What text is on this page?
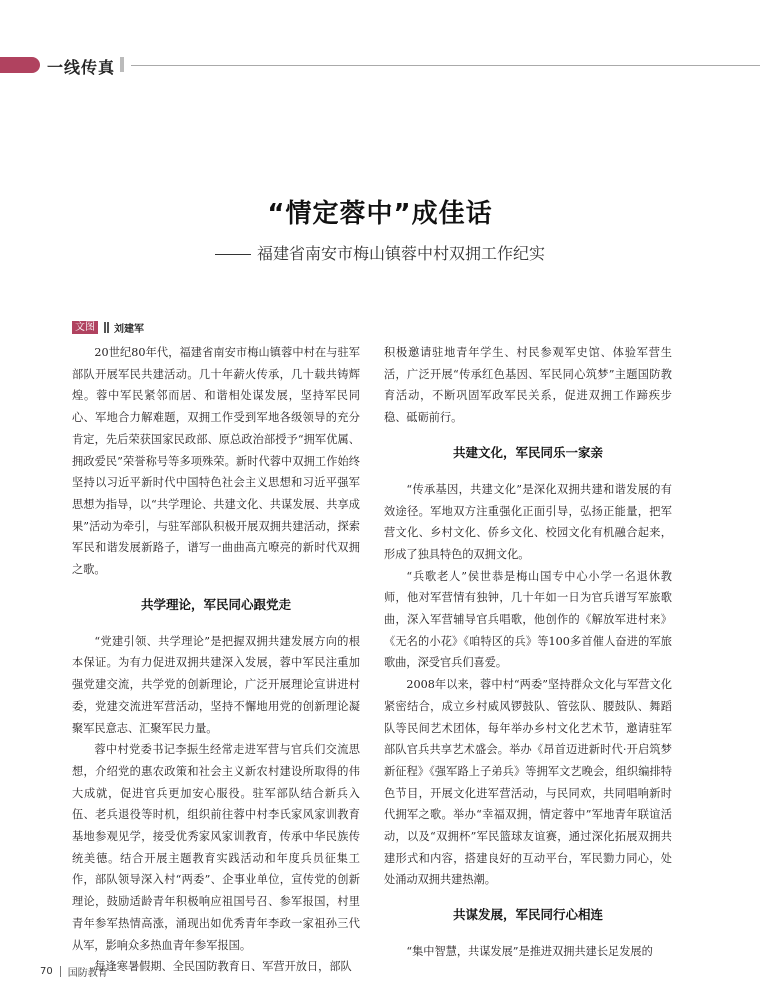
一线传真
“情定蓉中”成佳话
福建省南安市梅山镇蓉中村双拥工作纪实
文图	刘建军

20世纪80年代，福建省南安市梅山镇蓉中村在与驻军部队开展军民共建活动。几十年薪火传承，几十载共铸辉煌。蓉中军民紧邻而居、和谐相处谋发展，坚持军民同心、军地合力解难题，双拥工作受到军地各级领导的充分肯定，先后荣获国家民政部、原总政治部授予“拥军优属、拥政爱民”荣誉称号等多项殊荣。新时代蓉中双拥工作始终坚持以习近平新时代中国特色社会主义思想和习近平强军思想为指导，以“共学理论、共建文化、共谋发展、共享成果”活动为牵引，与驻军部队积极开展双拥共建活动，探索军民和谐发展新路子，谱写一曲曲高亢嘹亮的新时代双拥之歌。

共学理论，军民同心跟党走

“党建引领、共学理论”是把握双拥共建发展方向的根本保证。为有力促进双拥共建深入发展，蓉中军民注重加强党建交流，共学党的创新理论，广泛开展理论宣讲进村委，党建交流进军营活动，坚持不懈地用党的创新理论凝聚军民意志、汇聚军民力量。

蓉中村党委书记李振生经常走进军营与官兵们交流思想，介绍党的惠农政策和社会主义新农村建设所取得的伟大成就，促进官兵更加安心服役。驻军部队结合新兵入伍、老兵退役等时机，组织前往蓉中村李氏家风家训教育基地参观见学，接受优秀家风家训教育，传承中华民族传统美德。结合开展主题教育实践活动和年度兵员征集工作，部队领导深入村“两委”、企事业单位，宣传党的创新理论，鼓励适龄青年积极响应祖国号召、参军报国，村里青年参军热情高涨，涌现出如优秀青年李政一家祖孙三代从军，影响众多热血青年参军报国。

每逢寒暑假期、全民国防教育日、军营开放日，部队

积极邀请驻地青年学生、村民参观军史馆、体验军营生活，广泛开展“传承红色基因、军民同心筑梦”主题国防教育活动，不断巩固军政军民关系，促进双拥工作蹄疾步稳、砥砺前行。

共建文化，军民同乐一家亲

“传承基因，共建文化”是深化双拥共建和谐发展的有效途径。军地双方注重强化正面引导，弘扬正能量，把军营文化、乡村文化、侨乡文化、校园文化有机融合起来，形成了独具特色的双拥文化。

“兵歌老人”侯世恭是梅山国专中心小学一名退休教师，他对军营情有独钟，几十年如一日为官兵谱写军旅歌曲，深入军营辅导官兵唱歌，他创作的《解放军进村来》《无名的小花》《咱特区的兵》等100多首催人奋进的军旅歌曲，深受官兵们喜爱。

2008年以来，蓉中村“两委”坚持群众文化与军营文化紧密结合，成立乡村威风锣鼓队、管弦队、腰鼓队、舞蹈队等民间艺术团体，每年举办乡村文化艺术节，邀请驻军部队官兵共享艺术盛会。举办《昂首迈进新时代·开启筑梦新征程》《强军路上子弟兵》等拥军文艺晚会，组织编排特色节目，开展文化进军营活动，与民同欢，共同唱响新时代拥军之歌。举办“幸福双拥，情定蓉中”军地青年联谊活动，以及“双拥杯”军民篮球友谊赛，通过深化拓展双拥共建形式和内容，搭建良好的互动平台，军民勠力同心，处处涌动双拥共建热潮。

共谋发展，军民同行心相连

“集中智慧，共谋发展”是推进双拥共建长足发展的

70 国防教育
